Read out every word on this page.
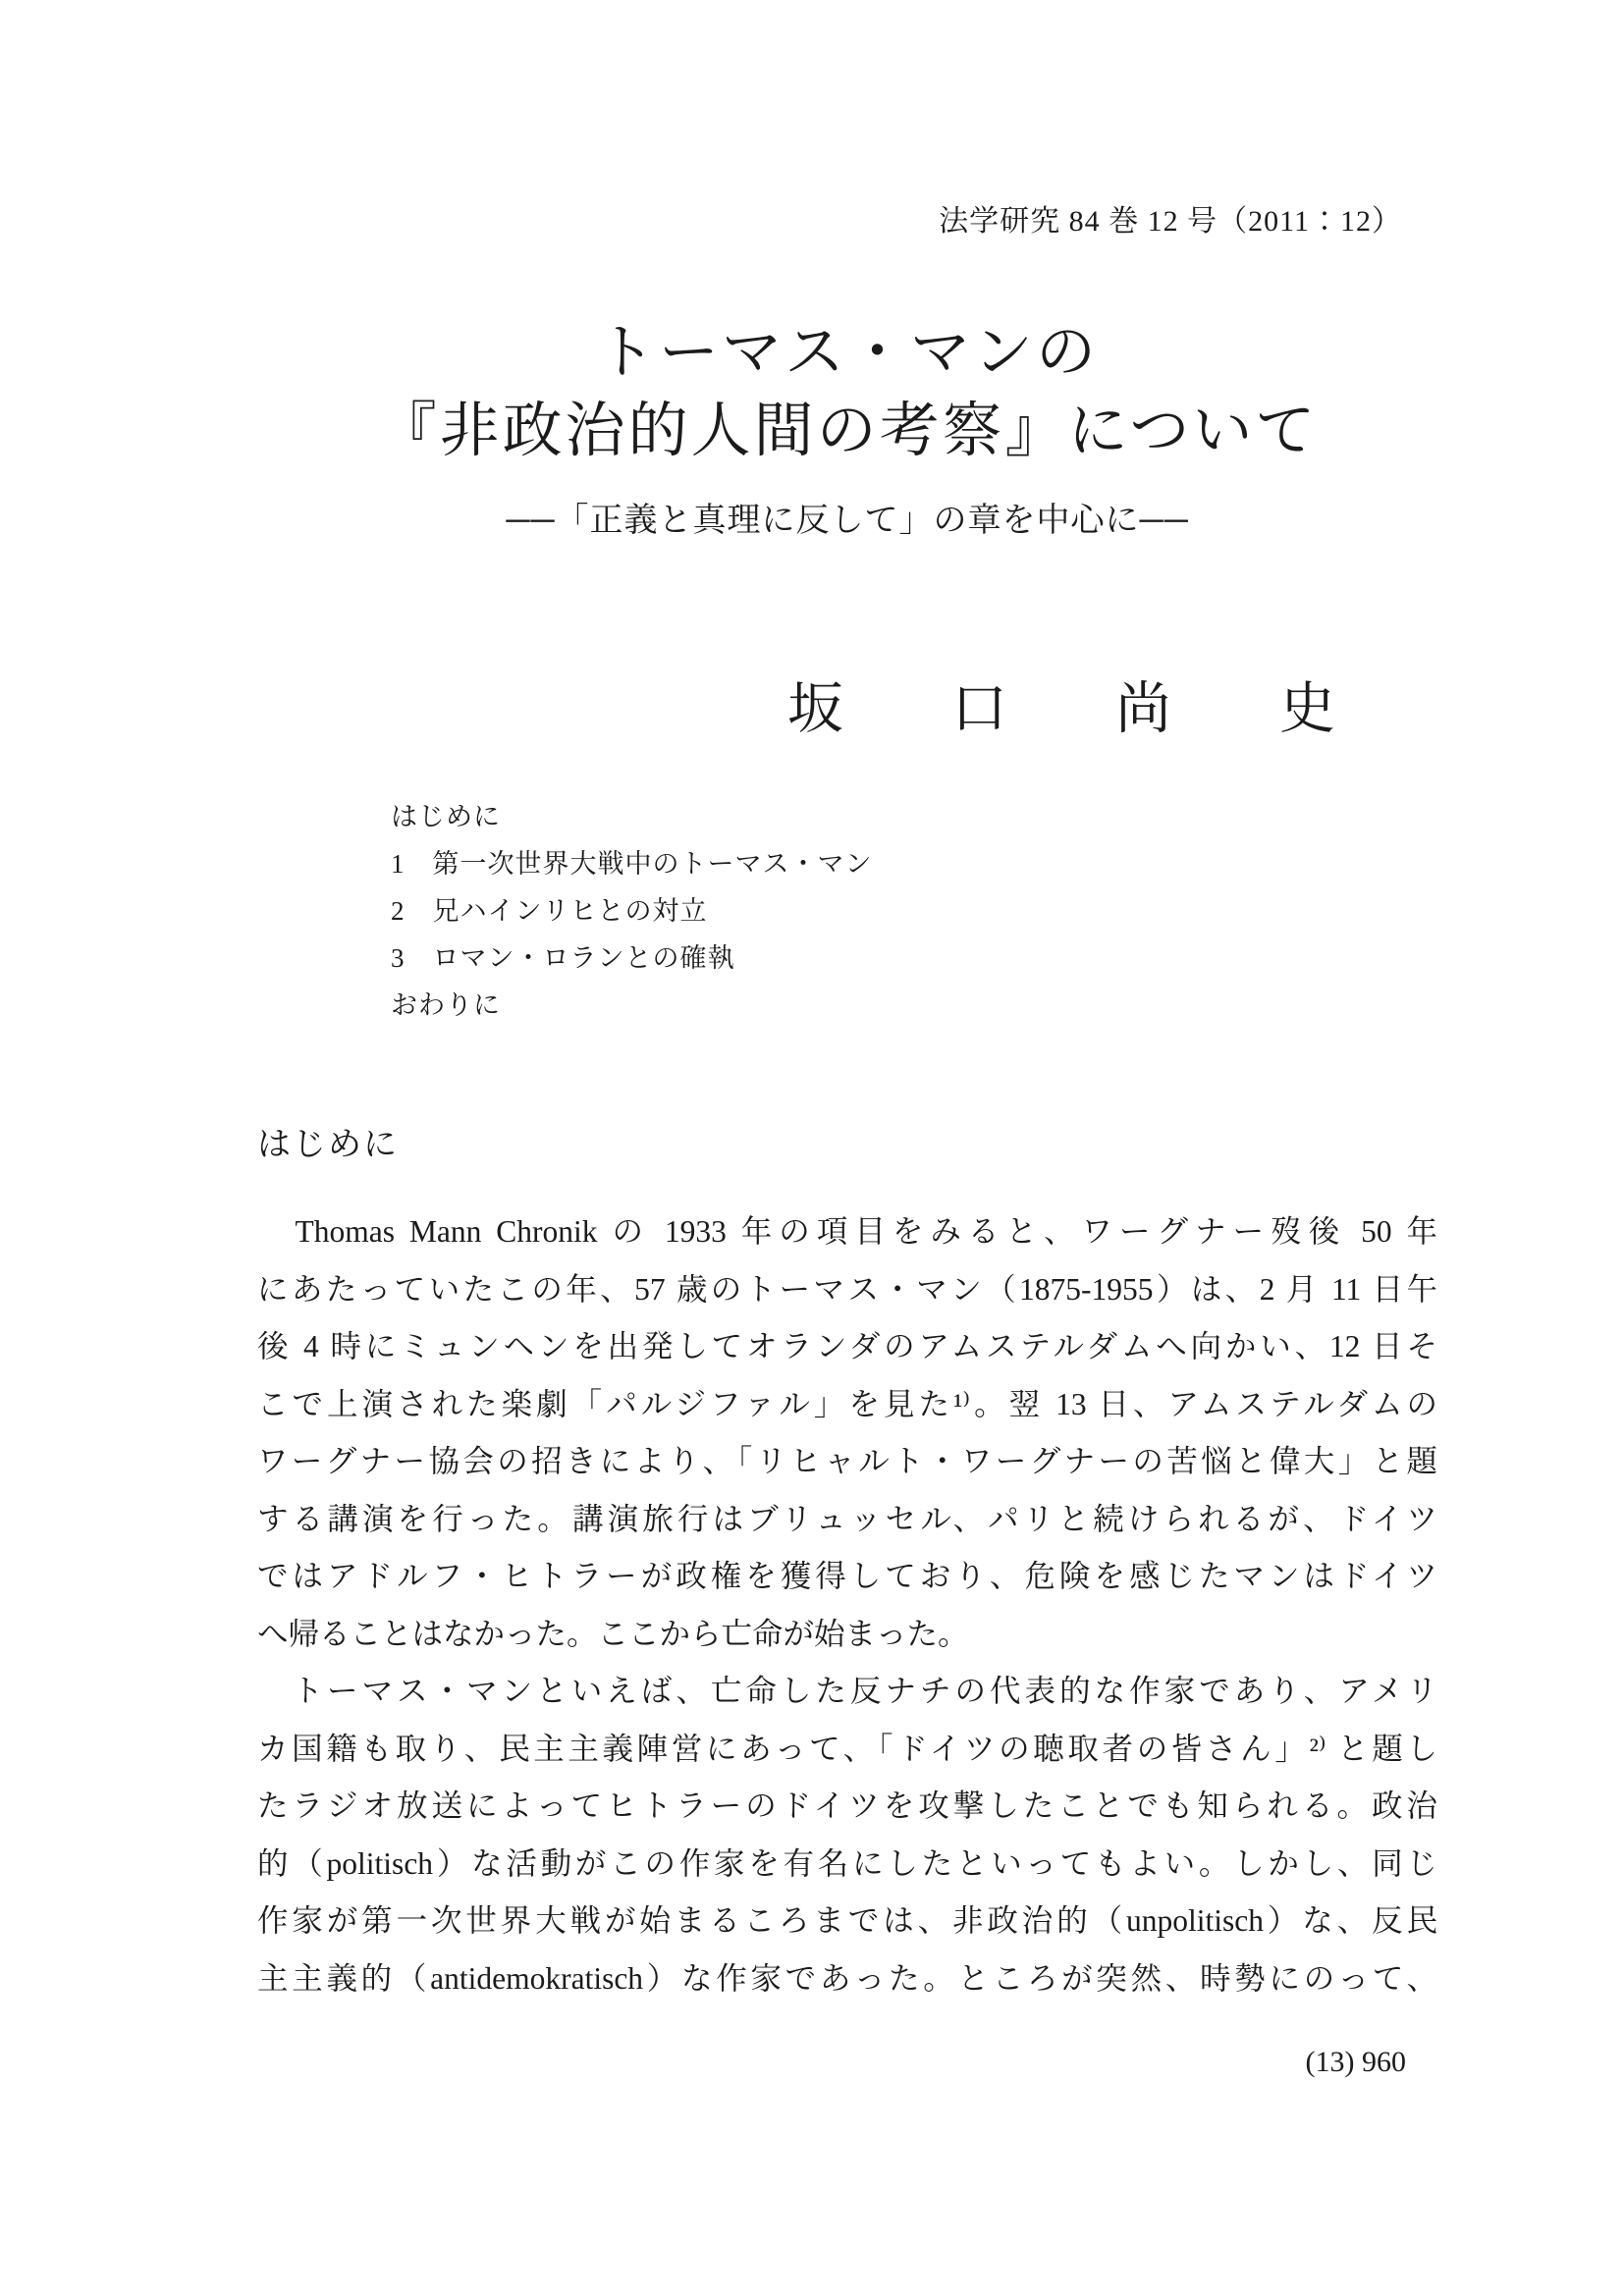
法学研究 84 巻 12 号（2011：12）
トーマス・マンの
『非政治的人間の考察』について
──「正義と真理に反して」の章を中心に──
坂口尚史
はじめに
1　第一次世界大戦中のトーマス・マン
2　兄ハインリヒとの対立
3　ロマン・ロランとの確執
おわりに
はじめに
　Thomas Mann Chronik の 1933 年の項目をみると、ワーグナー歿後 50 年
にあたっていたこの年、57 歳のトーマス・マン（1875-1955）は、2 月 11 日午
後 4 時にミュンヘンを出発してオランダのアムステルダムへ向かい、12 日そ
こで上演された楽劇「パルジファル」を見た¹⁾。翌 13 日、アムステルダムの
ワーグナー協会の招きにより、「リヒャルト・ワーグナーの苦悩と偉大」と題
する講演を行った。講演旅行はブリュッセル、パリと続けられるが、ドイツ
ではアドルフ・ヒトラーが政権を獲得しており、危険を感じたマンはドイツ
へ帰ることはなかった。ここから亡命が始まった。
　トーマス・マンといえば、亡命した反ナチの代表的な作家であり、アメリ
カ国籍も取り、民主主義陣営にあって、「ドイツの聴取者の皆さん」²⁾ と題し
たラジオ放送によってヒトラーのドイツを攻撃したことでも知られる。政治
的（politisch）な活動がこの作家を有名にしたといってもよい。しかし、同じ
作家が第一次世界大戦が始まるころまでは、非政治的（unpolitisch）な、反民
主主義的（antidemokratisch）な作家であった。ところが突然、時勢にのって、
(13) 960
